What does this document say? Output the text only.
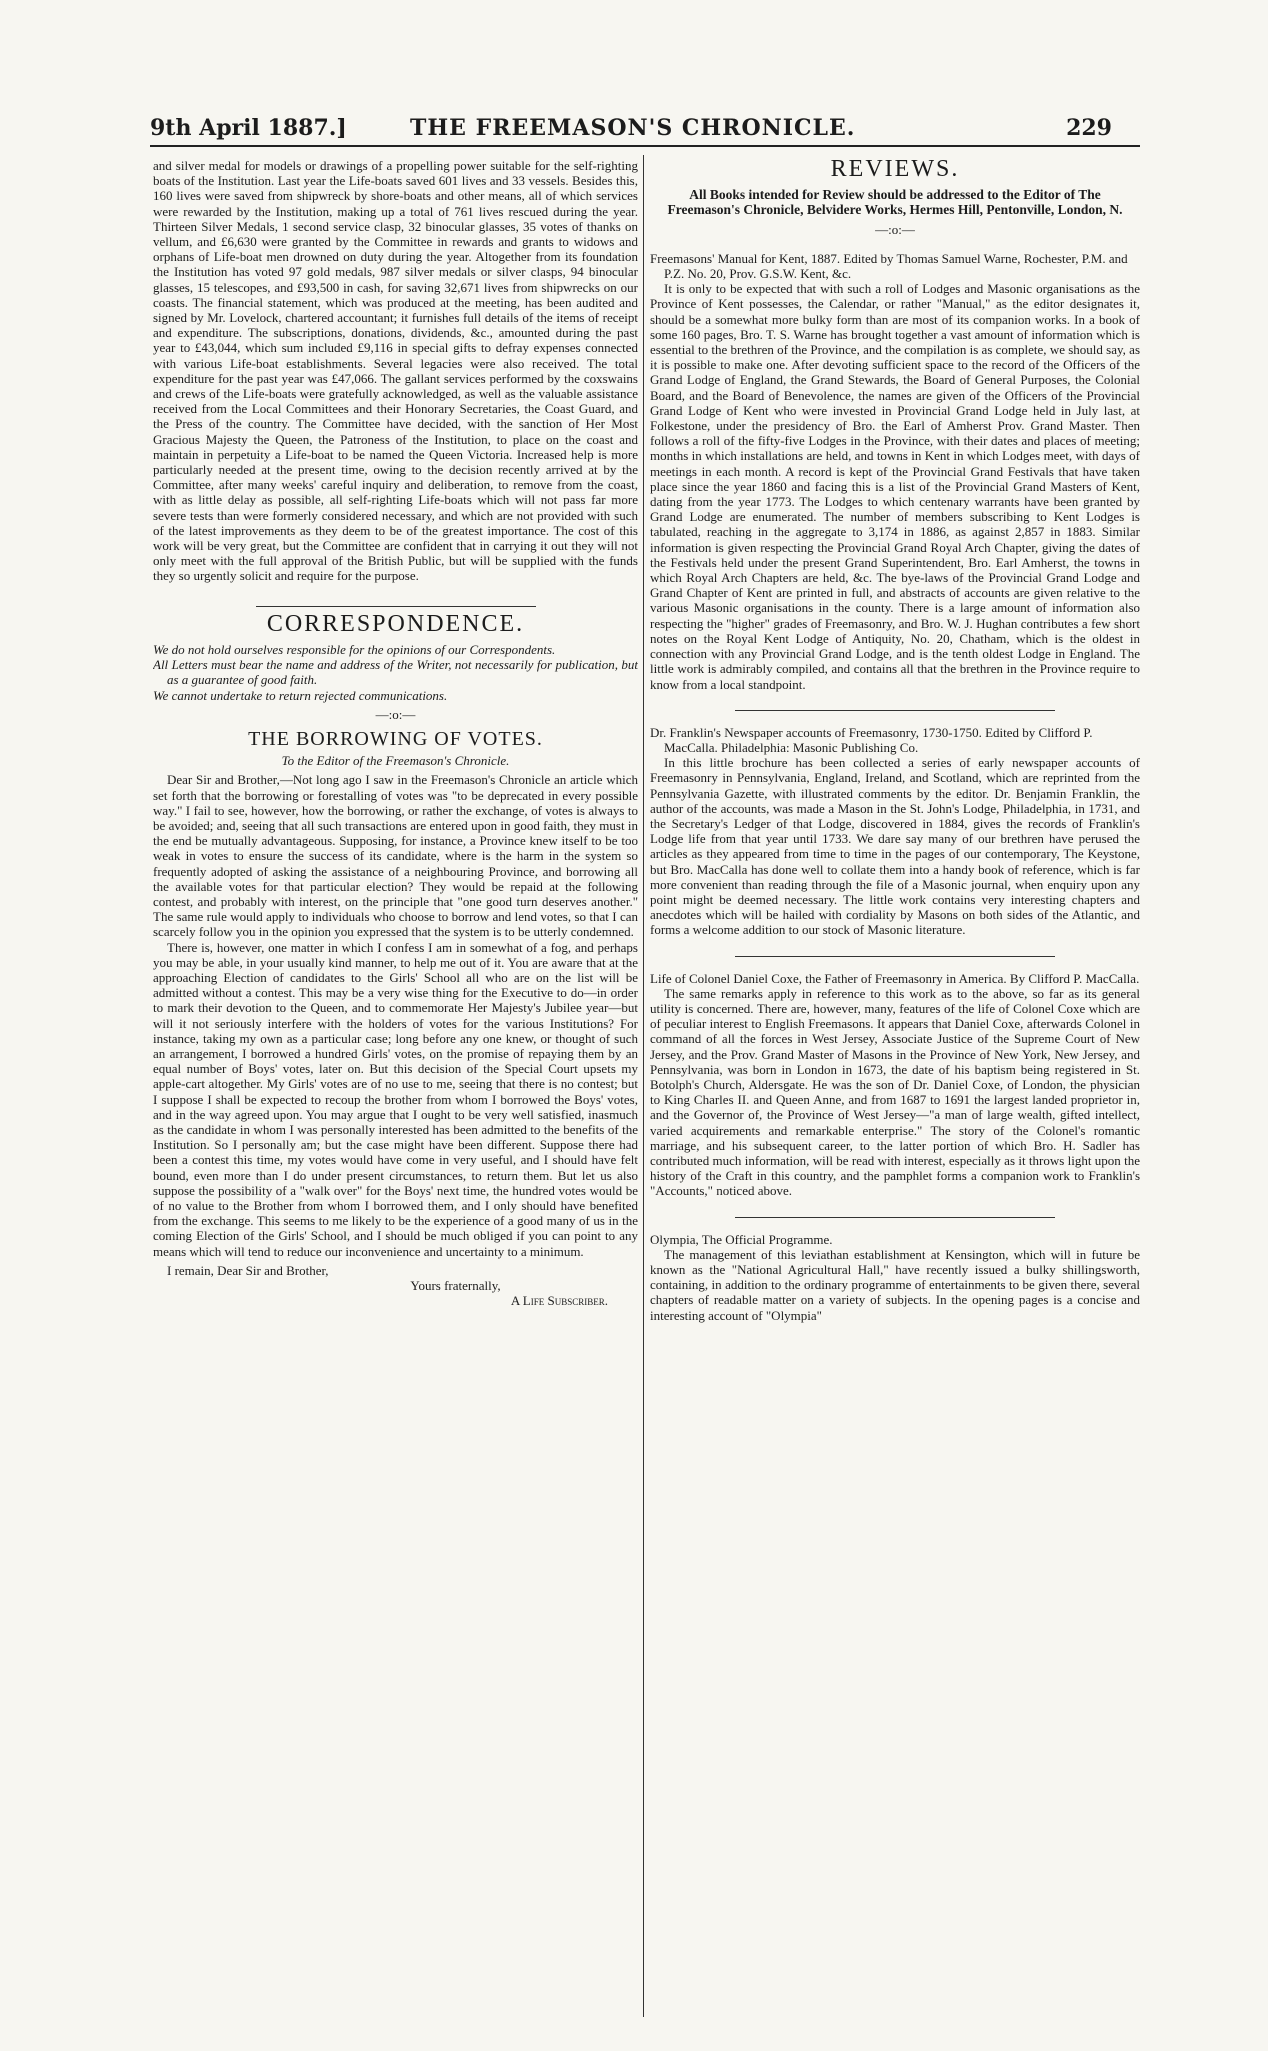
9th April 1887.]	THE FREEMASON'S CHRONICLE.	229

and silver medal for models or drawings of a propelling power suitable for the self-righting boats of the Institution. Last year the Life-boats saved 601 lives and 33 vessels. Besides this, 160 lives were saved from shipwreck by shore-boats and other means, all of which services were rewarded by the Institution, making up a total of 761 lives rescued during the year. Thirteen Silver Medals, 1 second service clasp, 32 binocular glasses, 35 votes of thanks on vellum, and £6,630 were granted by the Committee in rewards and grants to widows and orphans of Life-boat men drowned on duty during the year. Altogether from its foundation the Institution has voted 97 gold medals, 987 silver medals or silver clasps, 94 binocular glasses, 15 telescopes, and £93,500 in cash, for saving 32,671 lives from shipwrecks on our coasts. The financial statement, which was produced at the meeting, has been audited and signed by Mr. Lovelock, chartered accountant; it furnishes full details of the items of receipt and expenditure. The subscriptions, donations, dividends, &c., amounted during the past year to £43,044, which sum included £9,116 in special gifts to defray expenses connected with various Life-boat establishments. Several legacies were also received. The total expenditure for the past year was £47,066. The gallant services performed by the coxswains and crews of the Life-boats were gratefully acknowledged, as well as the valuable assistance received from the Local Committees and their Honorary Secretaries, the Coast Guard, and the Press of the country. The Committee have decided, with the sanction of Her Most Gracious Majesty the Queen, the Patroness of the Institution, to place on the coast and maintain in perpetuity a Life-boat to be named the Queen Victoria. Increased help is more particularly needed at the present time, owing to the decision recently arrived at by the Committee, after many weeks' careful inquiry and deliberation, to remove from the coast, with as little delay as possible, all self-righting Life-boats which will not pass far more severe tests than were formerly considered necessary, and which are not provided with such of the latest improvements as they deem to be of the greatest importance. The cost of this work will be very great, but the Committee are confident that in carrying it out they will not only meet with the full approval of the British Public, but will be supplied with the funds they so urgently solicit and require for the purpose.

CORRESPONDENCE.

We do not hold ourselves responsible for the opinions of our Correspondents.

All Letters must bear the name and address of the Writer, not necessarily for publication, but as a guarantee of good faith.

We cannot undertake to return rejected communications.

—:o:—

THE BORROWING OF VOTES.

To the Editor of the Freemason's Chronicle.

Dear Sir and Brother,—Not long ago I saw in the Freemason's Chronicle an article which set forth that the borrowing or forestalling of votes was "to be deprecated in every possible way." I fail to see, however, how the borrowing, or rather the exchange, of votes is always to be avoided; and, seeing that all such transactions are entered upon in good faith, they must in the end be mutually advantageous. Supposing, for instance, a Province knew itself to be too weak in votes to ensure the success of its candidate, where is the harm in the system so frequently adopted of asking the assistance of a neighbouring Province, and borrowing all the available votes for that particular election? They would be repaid at the following contest, and probably with interest, on the principle that "one good turn deserves another." The same rule would apply to individuals who choose to borrow and lend votes, so that I can scarcely follow you in the opinion you expressed that the system is to be utterly condemned.

There is, however, one matter in which I confess I am in somewhat of a fog, and perhaps you may be able, in your usually kind manner, to help me out of it. You are aware that at the approaching Election of candidates to the Girls' School all who are on the list will be admitted without a contest. This may be a very wise thing for the Executive to do—in order to mark their devotion to the Queen, and to commemorate Her Majesty's Jubilee year—but will it not seriously interfere with the holders of votes for the various Institutions? For instance, taking my own as a particular case; long before any one knew, or thought of such an arrangement, I borrowed a hundred Girls' votes, on the promise of repaying them by an equal number of Boys' votes, later on. But this decision of the Special Court upsets my apple-cart altogether. My Girls' votes are of no use to me, seeing that there is no contest; but I suppose I shall be expected to recoup the brother from whom I borrowed the Boys' votes, and in the way agreed upon. You may argue that I ought to be very well satisfied, inasmuch as the candidate in whom I was personally interested has been admitted to the benefits of the Institution. So I personally am; but the case might have been different. Suppose there had been a contest this time, my votes would have come in very useful, and I should have felt bound, even more than I do under present circumstances, to return them. But let us also suppose the possibility of a "walk over" for the Boys' next time, the hundred votes would be of no value to the Brother from whom I borrowed them, and I only should have benefited from the exchange. This seems to me likely to be the experience of a good many of us in the coming Election of the Girls' School, and I should be much obliged if you can point to any means which will tend to reduce our inconvenience and uncertainty to a minimum.

I remain, Dear Sir and Brother,

Yours fraternally,

A Life Subscriber.

REVIEWS.

All Books intended for Review should be addressed to the Editor of The Freemason's Chronicle, Belvidere Works, Hermes Hill, Pentonville, London, N.

—:o:—

Freemasons' Manual for Kent, 1887. Edited by Thomas Samuel Warne, Rochester, P.M. and P.Z. No. 20, Prov. G.S.W. Kent, &c.

It is only to be expected that with such a roll of Lodges and Masonic organisations as the Province of Kent possesses, the Calendar, or rather "Manual," as the editor designates it, should be a somewhat more bulky form than are most of its companion works. In a book of some 160 pages, Bro. T. S. Warne has brought together a vast amount of information which is essential to the brethren of the Province, and the compilation is as complete, we should say, as it is possible to make one. After devoting sufficient space to the record of the Officers of the Grand Lodge of England, the Grand Stewards, the Board of General Purposes, the Colonial Board, and the Board of Benevolence, the names are given of the Officers of the Provincial Grand Lodge of Kent who were invested in Provincial Grand Lodge held in July last, at Folkestone, under the presidency of Bro. the Earl of Amherst Prov. Grand Master. Then follows a roll of the fifty-five Lodges in the Province, with their dates and places of meeting; months in which installations are held, and towns in Kent in which Lodges meet, with days of meetings in each month. A record is kept of the Provincial Grand Festivals that have taken place since the year 1860 and facing this is a list of the Provincial Grand Masters of Kent, dating from the year 1773. The Lodges to which centenary warrants have been granted by Grand Lodge are enumerated. The number of members subscribing to Kent Lodges is tabulated, reaching in the aggregate to 3,174 in 1886, as against 2,857 in 1883. Similar information is given respecting the Provincial Grand Royal Arch Chapter, giving the dates of the Festivals held under the present Grand Superintendent, Bro. Earl Amherst, the towns in which Royal Arch Chapters are held, &c. The bye-laws of the Provincial Grand Lodge and Grand Chapter of Kent are printed in full, and abstracts of accounts are given relative to the various Masonic organisations in the county. There is a large amount of information also respecting the "higher" grades of Freemasonry, and Bro. W. J. Hughan contributes a few short notes on the Royal Kent Lodge of Antiquity, No. 20, Chatham, which is the oldest in connection with any Provincial Grand Lodge, and is the tenth oldest Lodge in England. The little work is admirably compiled, and contains all that the brethren in the Province require to know from a local standpoint.

Dr. Franklin's Newspaper accounts of Freemasonry, 1730-1750. Edited by Clifford P. MacCalla. Philadelphia: Masonic Publishing Co.

In this little brochure has been collected a series of early newspaper accounts of Freemasonry in Pennsylvania, England, Ireland, and Scotland, which are reprinted from the Pennsylvania Gazette, with illustrated comments by the editor. Dr. Benjamin Franklin, the author of the accounts, was made a Mason in the St. John's Lodge, Philadelphia, in 1731, and the Secretary's Ledger of that Lodge, discovered in 1884, gives the records of Franklin's Lodge life from that year until 1733. We dare say many of our brethren have perused the articles as they appeared from time to time in the pages of our contemporary, The Keystone, but Bro. MacCalla has done well to collate them into a handy book of reference, which is far more convenient than reading through the file of a Masonic journal, when enquiry upon any point might be deemed necessary. The little work contains very interesting chapters and anecdotes which will be hailed with cordiality by Masons on both sides of the Atlantic, and forms a welcome addition to our stock of Masonic literature.

Life of Colonel Daniel Coxe, the Father of Freemasonry in America. By Clifford P. MacCalla.

The same remarks apply in reference to this work as to the above, so far as its general utility is concerned. There are, however, many, features of the life of Colonel Coxe which are of peculiar interest to English Freemasons. It appears that Daniel Coxe, afterwards Colonel in command of all the forces in West Jersey, Associate Justice of the Supreme Court of New Jersey, and the Prov. Grand Master of Masons in the Province of New York, New Jersey, and Pennsylvania, was born in London in 1673, the date of his baptism being registered in St. Botolph's Church, Aldersgate. He was the son of Dr. Daniel Coxe, of London, the physician to King Charles II. and Queen Anne, and from 1687 to 1691 the largest landed proprietor in, and the Governor of, the Province of West Jersey—"a man of large wealth, gifted intellect, varied acquirements and remarkable enterprise." The story of the Colonel's romantic marriage, and his subsequent career, to the latter portion of which Bro. H. Sadler has contributed much information, will be read with interest, especially as it throws light upon the history of the Craft in this country, and the pamphlet forms a companion work to Franklin's "Accounts," noticed above.

Olympia, The Official Programme.

The management of this leviathan establishment at Kensington, which will in future be known as the "National Agricultural Hall," have recently issued a bulky shillingsworth, containing, in addition to the ordinary programme of entertainments to be given there, several chapters of readable matter on a variety of subjects. In the opening pages is a concise and interesting account of "Olympia"
